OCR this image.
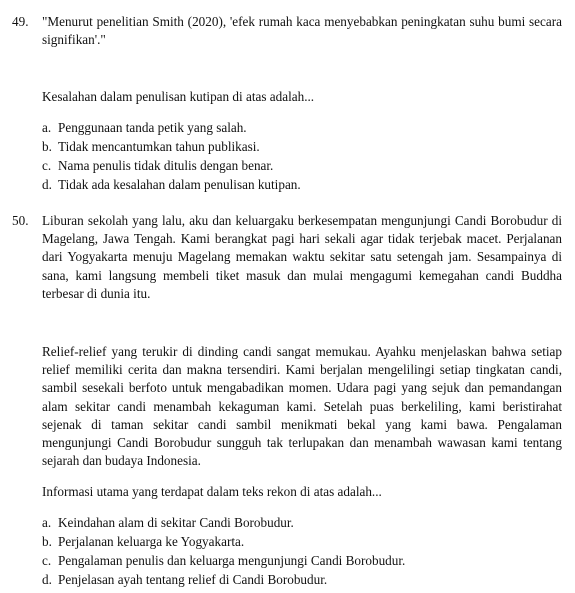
49. "Menurut penelitian Smith (2020), 'efek rumah kaca menyebabkan peningkatan suhu bumi secara signifikan'."

Kesalahan dalam penulisan kutipan di atas adalah...

a. Penggunaan tanda petik yang salah.
b. Tidak mencantumkan tahun publikasi.
c. Nama penulis tidak ditulis dengan benar.
d. Tidak ada kesalahan dalam penulisan kutipan.
50. Liburan sekolah yang lalu, aku dan keluargaku berkesempatan mengunjungi Candi Borobudur di Magelang, Jawa Tengah. Kami berangkat pagi hari sekali agar tidak terjebak macet. Perjalanan dari Yogyakarta menuju Magelang memakan waktu sekitar satu setengah jam. Sesampainya di sana, kami langsung membeli tiket masuk dan mulai mengagumi kemegahan candi Buddha terbesar di dunia itu.

Relief-relief yang terukir di dinding candi sangat memukau. Ayahku menjelaskan bahwa setiap relief memiliki cerita dan makna tersendiri. Kami berjalan mengelilingi setiap tingkatan candi, sambil sesekali berfoto untuk mengabadikan momen. Udara pagi yang sejuk dan pemandangan alam sekitar candi menambah kekaguman kami. Setelah puas berkeliling, kami beristirahat sejenak di taman sekitar candi sambil menikmati bekal yang kami bawa. Pengalaman mengunjungi Candi Borobudur sungguh tak terlupakan dan menambah wawasan kami tentang sejarah dan budaya Indonesia.

Informasi utama yang terdapat dalam teks rekon di atas adalah...

a. Keindahan alam di sekitar Candi Borobudur.
b. Perjalanan keluarga ke Yogyakarta.
c. Pengalaman penulis dan keluarga mengunjungi Candi Borobudur.
d. Penjelasan ayah tentang relief di Candi Borobudur.
